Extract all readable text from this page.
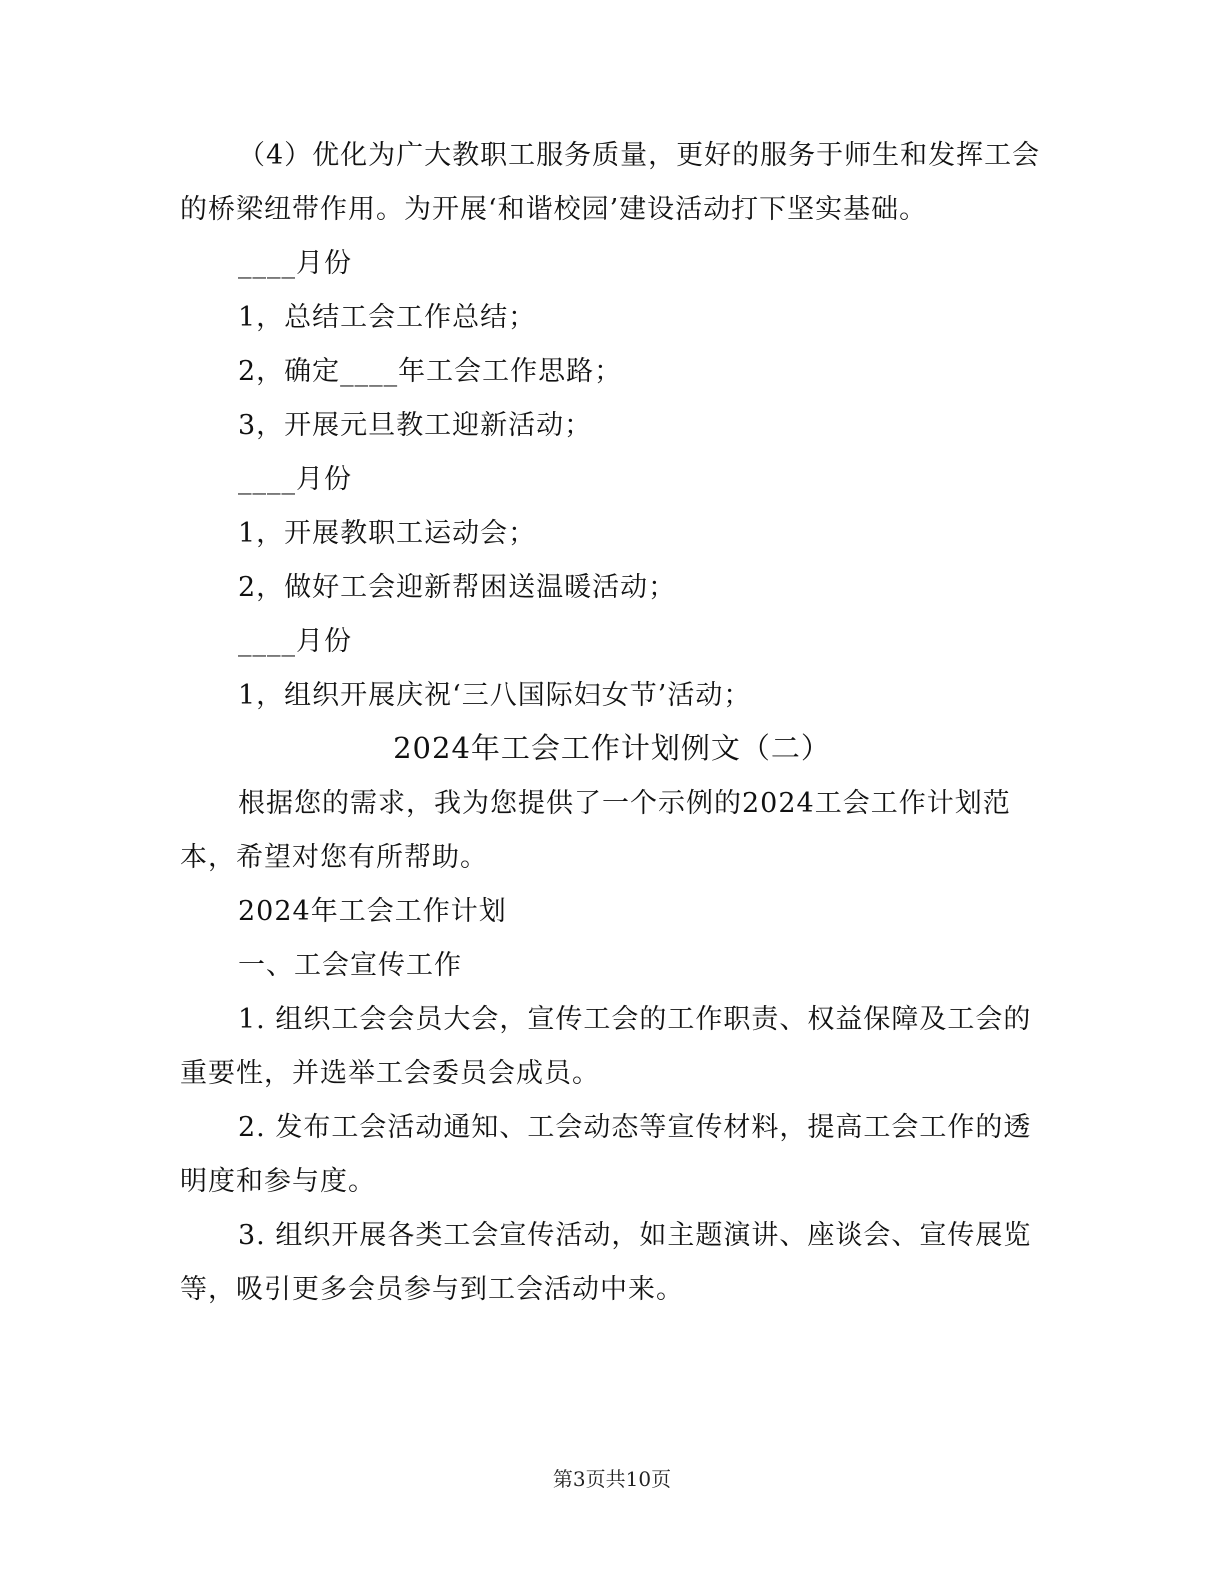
（4）优化为广大教职工服务质量，更好的服务于师生和发挥工会
的桥梁纽带作用。为开展‘和谐校园’建设活动打下坚实基础。
____月份
1，总结工会工作总结；
2，确定____年工会工作思路；
3，开展元旦教工迎新活动；
____月份
1，开展教职工运动会；
2，做好工会迎新帮困送温暖活动；
____月份
1，组织开展庆祝‘三八国际妇女节’活动；
2024年工会工作计划例文（二）
根据您的需求，我为您提供了一个示例的2024工会工作计划范
本，希望对您有所帮助。
2024年工会工作计划
一、工会宣传工作
1. 组织工会会员大会，宣传工会的工作职责、权益保障及工会的
重要性，并选举工会委员会成员。
2. 发布工会活动通知、工会动态等宣传材料，提高工会工作的透
明度和参与度。
3. 组织开展各类工会宣传活动，如主题演讲、座谈会、宣传展览
等，吸引更多会员参与到工会活动中来。
第3页共10页
